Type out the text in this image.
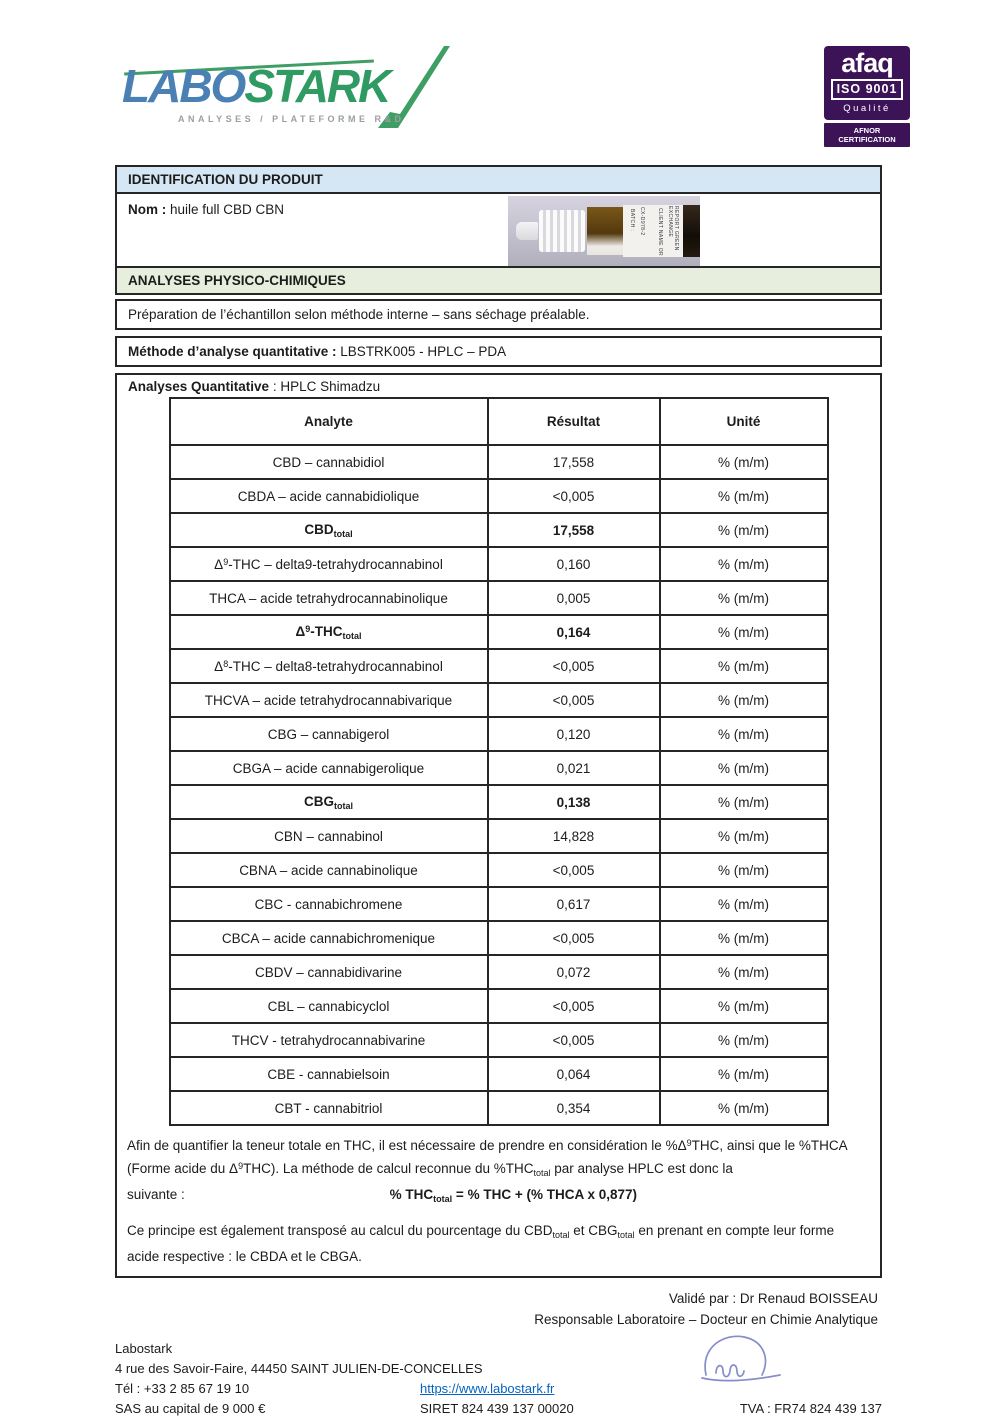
LABOSTARK
ANALYSES / PLATEFORME R&D
afaq
ISO 9001
Qualité
AFNOR CERTIFICATION
IDENTIFICATION DU PRODUIT
Nom : huile full CBD CBN	BATCH : CX-D978-2 CLIENT NAME OR	REPORT GREEN EXCHANGE
ANALYSES PHYSICO-CHIMIQUES
Préparation de l’échantillon selon méthode interne – sans séchage préalable.
Méthode d’analyse quantitative : LBSTRK005 - HPLC – PDA
Analyses Quantitative : HPLC Shimadzu
Analyte	Résultat	Unité
CBD – cannabidiol	17,558	% (m/m)
CBDA – acide cannabidiolique	<0,005	% (m/m)
$CBD_{total}$	17,558	% (m/m)
$\Delta^9$-THC – delta9-tetrahydrocannabinol	0,160	% (m/m)
THCA – acide tetrahydrocannabinolique	0,005	% (m/m)
$\Delta^9-THC_{total}$	0,164	% (m/m)
$\Delta^8$-THC – delta8-tetrahydrocannabinol	<0,005	% (m/m)
THCVA – acide tetrahydrocannabivarique	<0,005	% (m/m)
CBG – cannabigerol	0,120	% (m/m)
CBGA – acide cannabigerolique	0,021	% (m/m)
$CBG_{total}$	0,138	% (m/m)
CBN – cannabinol	14,828	% (m/m)
CBNA – acide cannabinolique	<0,005	% (m/m)
CBC - cannabichromene	0,617	% (m/m)
CBCA – acide cannabichromenique	<0,005	% (m/m)
CBDV – cannabidivarine	0,072	% (m/m)
CBL – cannabicyclol	<0,005	% (m/m)
THCV - tetrahydrocannabivarine	<0,005	% (m/m)
CBE - cannabielsoin	0,064	% (m/m)
CBT - cannabitriol	0,354	% (m/m)
Afin de quantifier la teneur totale en THC, il est nécessaire de prendre en considération le $\%\Delta^9THC$, ainsi que le %THCA (Forme acide du $\Delta^9THC$). La méthode de calcul reconnue du $\%THC_{total}$ par analyse HPLC est donc la
suivante :	% $THC_{total}$ = % THC + (% THCA x 0,877)
Ce principe est également transposé au calcul du pourcentage du $CBD_{total}$ et $CBG_{total}$ en prenant en compte leur forme acide respective : le CBDA et le CBGA.
Validé par : Dr Renaud BOISSEAU
Responsable Laboratoire – Docteur en Chimie Analytique
Labostark
4 rue des Savoir-Faire, 44450 SAINT JULIEN-DE-CONCELLES
Tél : +33 2 85 67 19 10	https://www.labostark.fr
SAS au capital de 9 000 €	SIRET 824 439 137 00020	TVA : FR74 824 439 137
